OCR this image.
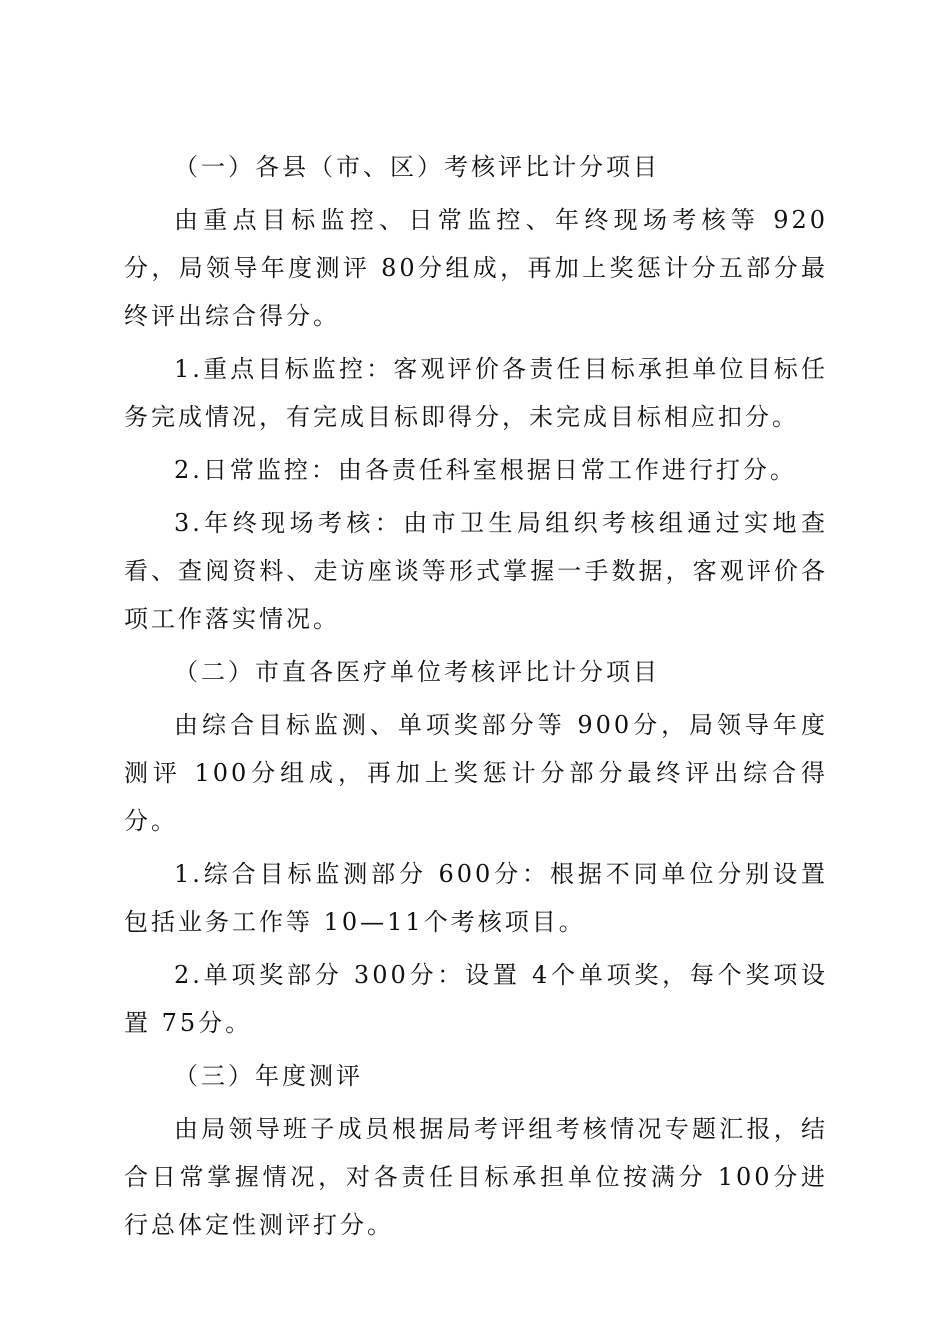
（一）各县（市、区）考核评比计分项目

由重点目标监控、日常监控、年终现场考核等 920分，局领导年度测评 80分组成，再加上奖惩计分五部分最终评出综合得分。

1.重点目标监控：客观评价各责任目标承担单位目标任务完成情况，有完成目标即得分，未完成目标相应扣分。

2.日常监控：由各责任科室根据日常工作进行打分。

3.年终现场考核：由市卫生局组织考核组通过实地查看、查阅资料、走访座谈等形式掌握一手数据，客观评价各项工作落实情况。

（二）市直各医疗单位考核评比计分项目

由综合目标监测、单项奖部分等 900分，局领导年度测评 100分组成，再加上奖惩计分部分最终评出综合得分。

1.综合目标监测部分 600分：根据不同单位分别设置包括业务工作等 10—11个考核项目。

2.单项奖部分 300分：设置 4个单项奖，每个奖项设置 75分。

（三）年度测评

由局领导班子成员根据局考评组考核情况专题汇报，结合日常掌握情况，对各责任目标承担单位按满分 100分进行总体定性测评打分。
